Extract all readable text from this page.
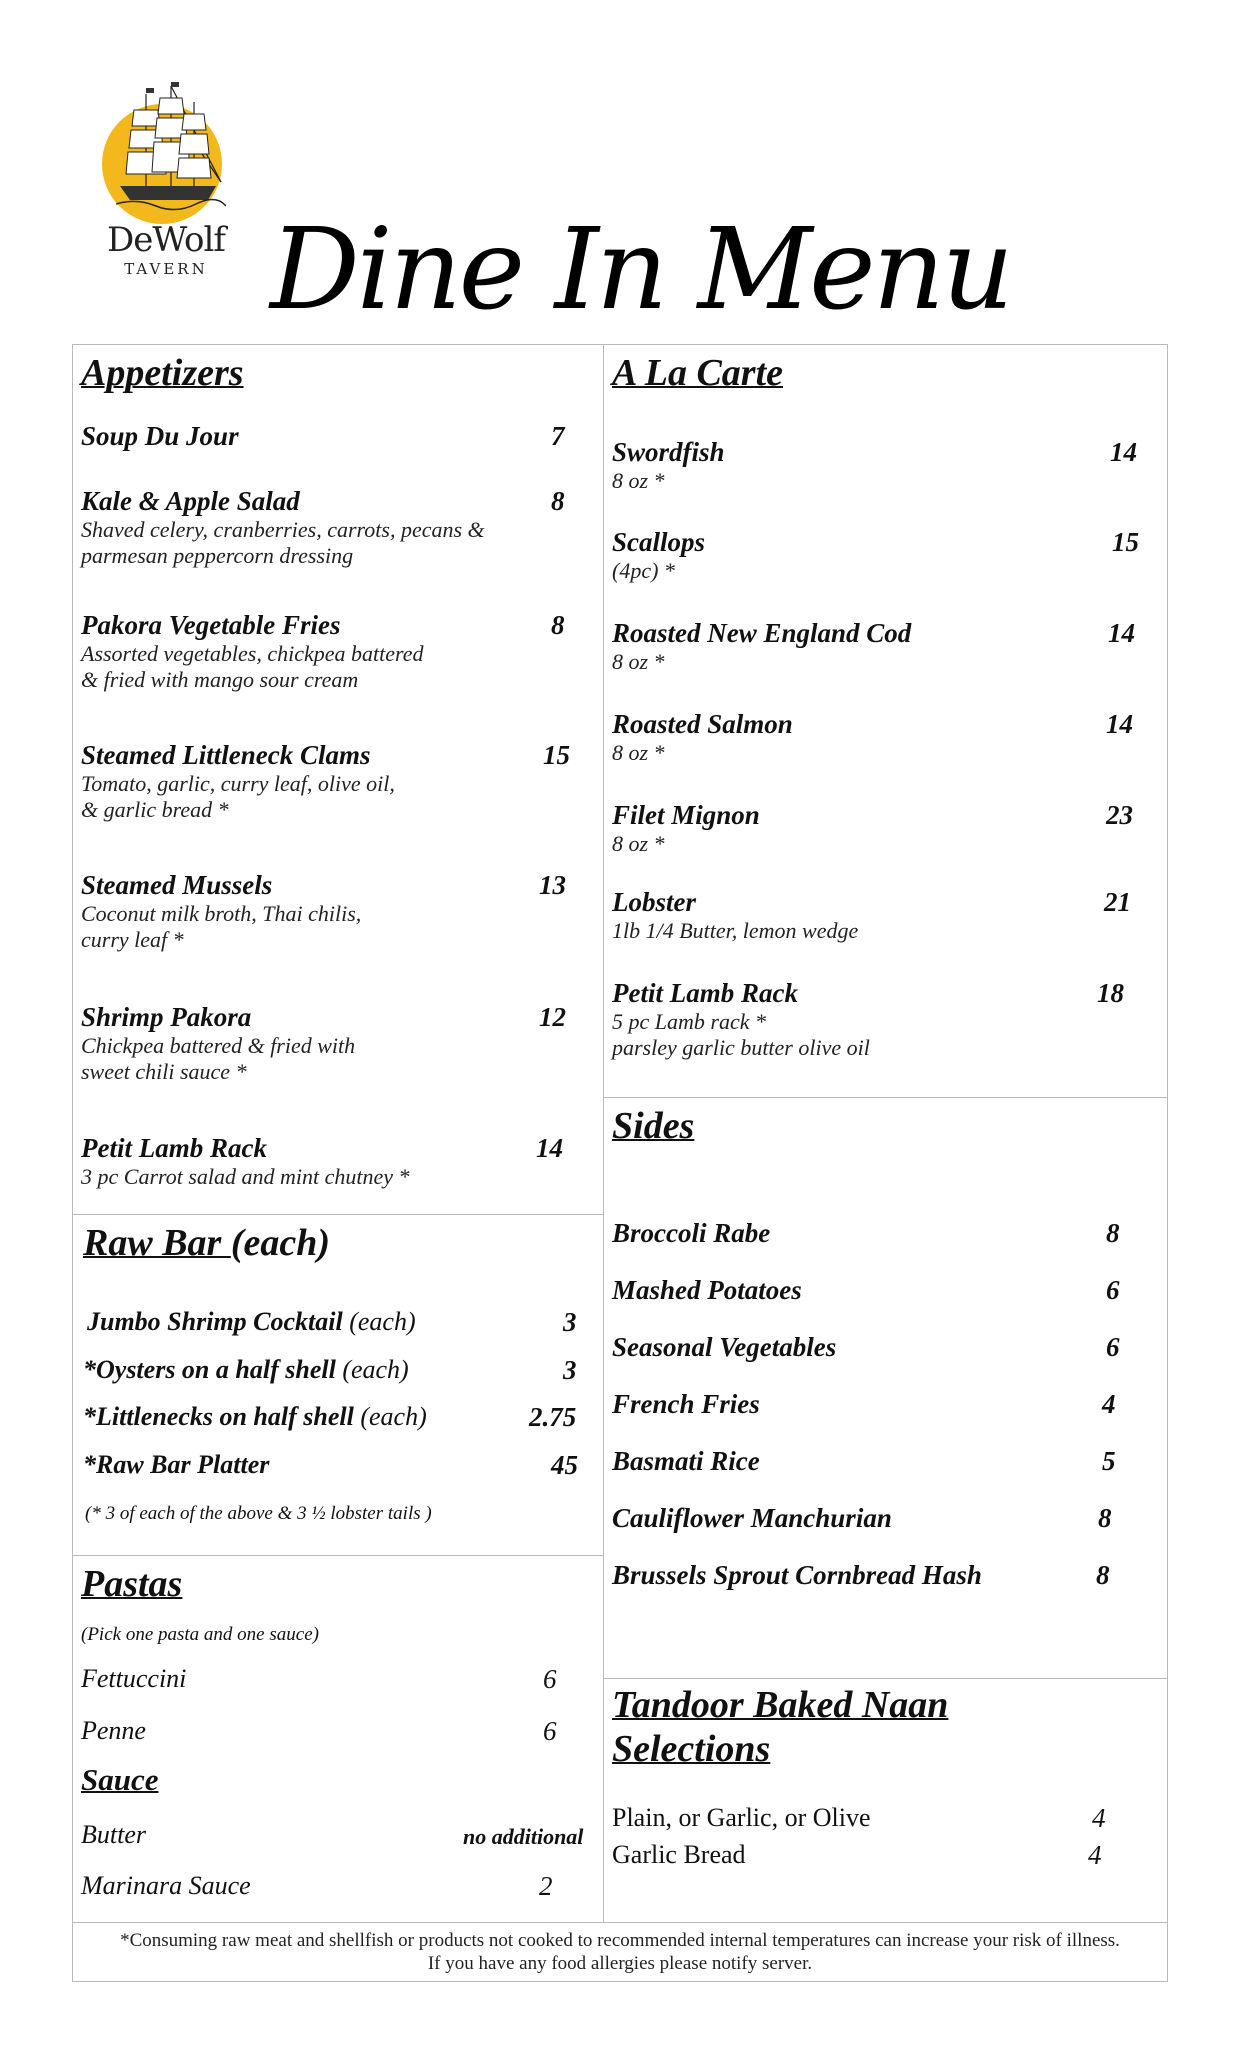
DeWolf
TAVERN Dine In Menu
Appetizers
Soup Du Jour	7
Kale & Apple Salad	8
Shaved celery, cranberries, carrots, pecans &
parmesan peppercorn dressing
Pakora Vegetable Fries	8
Assorted vegetables, chickpea battered
& fried with mango sour cream
Steamed Littleneck Clams	15
Tomato, garlic, curry leaf, olive oil,
& garlic bread *
Steamed Mussels	13
Coconut milk broth, Thai chilis,
curry leaf *
Shrimp Pakora	12
Chickpea battered & fried with
sweet chili sauce *
Petit Lamb Rack	14
3 pc Carrot salad and mint chutney *
Raw Bar (each)
Jumbo Shrimp Cocktail (each)	3
*Oysters on a half shell (each)	3
*Littlenecks on half shell (each)	2.75
*Raw Bar Platter	45
(* 3 of each of the above & 3 ½ lobster tails )
Pastas
(Pick one pasta and one sauce)
Fettuccini	6
Penne	6
Sauce
Butter	no additional
Marinara Sauce	2
A La Carte
Swordfish	14
8 oz *
Scallops	15
(4pc) *
Roasted New England Cod	14
8 oz *
Roasted Salmon	14
8 oz *
Filet Mignon	23
8 oz *
Lobster	21
1lb 1/4 Butter, lemon wedge
Petit Lamb Rack	18
5 pc Lamb rack *
parsley garlic butter olive oil
Sides
Broccoli Rabe	8
Mashed Potatoes	6
Seasonal Vegetables	6
French Fries	4
Basmati Rice	5
Cauliflower Manchurian	8
Brussels Sprout Cornbread Hash	8
Tandoor Baked Naan
Selections
Plain, or Garlic, or Olive	4
Garlic Bread	4
*Consuming raw meat and shellfish or products not cooked to recommended internal temperatures can increase your risk of illness.
If you have any food allergies please notify server.
